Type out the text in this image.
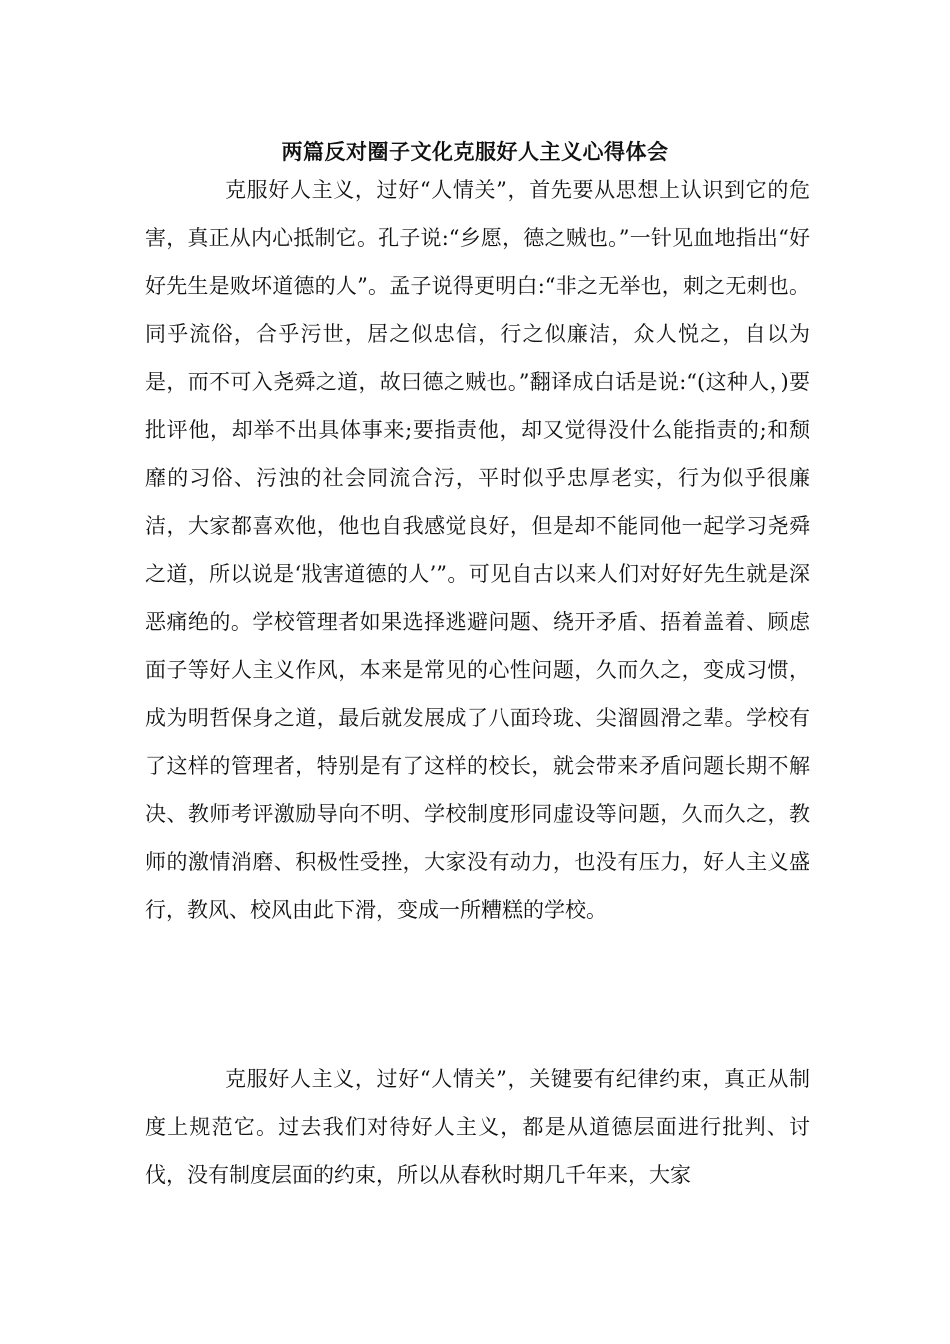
两篇反对圈子文化克服好人主义心得体会

克服好人主义，过好“人情关”，首先要从思想上认识到它的危害，真正从内心抵制它。孔子说:“乡愿，德之贼也。”一针见血地指出“好好先生是败坏道德的人”。孟子说得更明白:“非之无举也，刺之无刺也。同乎流俗，合乎污世，居之似忠信，行之似廉洁，众人悦之，自以为是，而不可入尧舜之道，故曰德之贼也。”翻译成白话是说:“(这种人，)要批评他，却举不出具体事来;要指责他，却又觉得没什么能指责的;和颓靡的习俗、污浊的社会同流合污，平时似乎忠厚老实，行为似乎很廉洁，大家都喜欢他，他也自我感觉良好，但是却不能同他一起学习尧舜之道，所以说是‘戕害道德的人’”。可见自古以来人们对好好先生就是深恶痛绝的。学校管理者如果选择逃避问题、绕开矛盾、捂着盖着、顾虑面子等好人主义作风，本来是常见的心性问题，久而久之，变成习惯，成为明哲保身之道，最后就发展成了八面玲珑、尖溜圆滑之辈。学校有了这样的管理者，特别是有了这样的校长，就会带来矛盾问题长期不解决、教师考评激励导向不明、学校制度形同虚设等问题，久而久之，教师的激情消磨、积极性受挫，大家没有动力，也没有压力，好人主义盛行，教风、校风由此下滑，变成一所糟糕的学校。

克服好人主义，过好“人情关”，关键要有纪律约束，真正从制度上规范它。过去我们对待好人主义，都是从道德层面进行批判、讨伐，没有制度层面的约束，所以从春秋时期几千年来，大家
